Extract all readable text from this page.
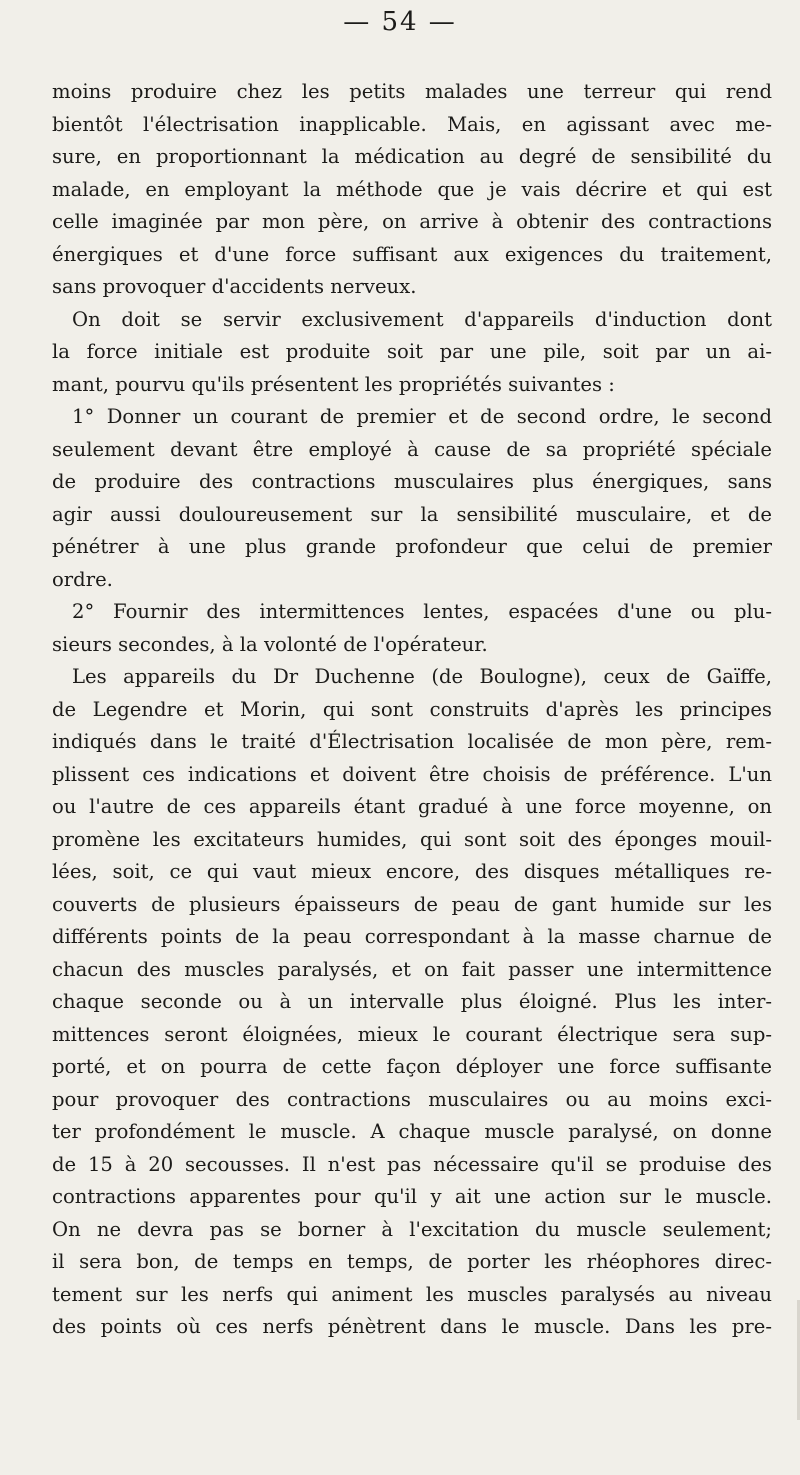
— 54 —
moins produire chez les petits malades une terreur qui rend
bientôt l'électrisation inapplicable. Mais, en agissant avec me-
sure, en proportionnant la médication au degré de sensibilité du
malade, en employant la méthode que je vais décrire et qui est
celle imaginée par mon père, on arrive à obtenir des contractions
énergiques et d'une force suffisant aux exigences du traitement,
sans provoquer d'accidents nerveux.
On doit se servir exclusivement d'appareils d'induction dont
la force initiale est produite soit par une pile, soit par un ai-
mant, pourvu qu'ils présentent les propriétés suivantes :
1° Donner un courant de premier et de second ordre, le second
seulement devant être employé à cause de sa propriété spéciale
de produire des contractions musculaires plus énergiques, sans
agir aussi douloureusement sur la sensibilité musculaire, et de
pénétrer à une plus grande profondeur que celui de premier
ordre.
2° Fournir des intermittences lentes, espacées d'une ou plu-
sieurs secondes, à la volonté de l'opérateur.
Les appareils du Dr Duchenne (de Boulogne), ceux de Gaïffe,
de Legendre et Morin, qui sont construits d'après les principes
indiqués dans le traité d'Électrisation localisée de mon père, rem-
plissent ces indications et doivent être choisis de préférence. L'un
ou l'autre de ces appareils étant gradué à une force moyenne, on
promène les excitateurs humides, qui sont soit des éponges mouil-
lées, soit, ce qui vaut mieux encore, des disques métalliques re-
couverts de plusieurs épaisseurs de peau de gant humide sur les
différents points de la peau correspondant à la masse charnue de
chacun des muscles paralysés, et on fait passer une intermittence
chaque seconde ou à un intervalle plus éloigné. Plus les inter-
mittences seront éloignées, mieux le courant électrique sera sup-
porté, et on pourra de cette façon déployer une force suffisante
pour provoquer des contractions musculaires ou au moins exci-
ter profondément le muscle. A chaque muscle paralysé, on donne
de 15 à 20 secousses. Il n'est pas nécessaire qu'il se produise des
contractions apparentes pour qu'il y ait une action sur le muscle.
On ne devra pas se borner à l'excitation du muscle seulement;
il sera bon, de temps en temps, de porter les rhéophores direc-
tement sur les nerfs qui animent les muscles paralysés au niveau
des points où ces nerfs pénètrent dans le muscle. Dans les pre-
